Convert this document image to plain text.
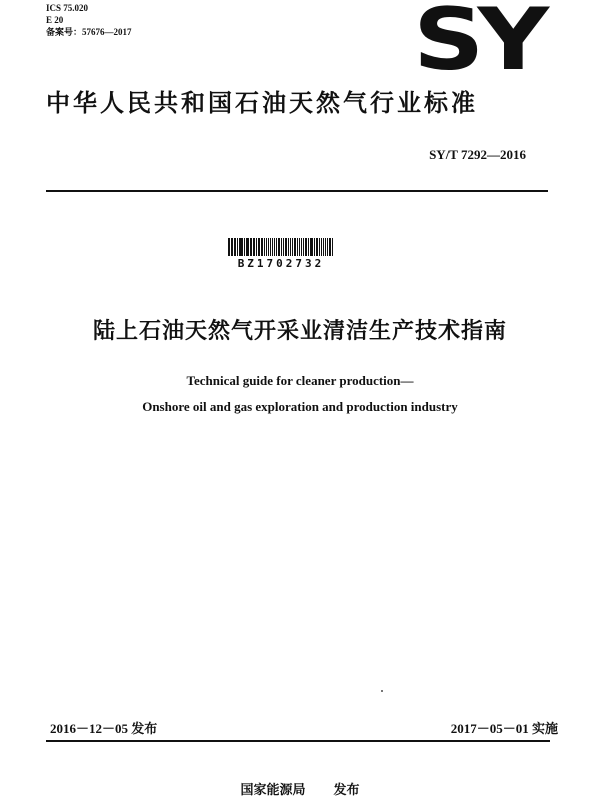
ICS 75.020
E 20
备案号：57676—2017	SY
中华人民共和国石油天然气行业标准
SY/T 7292—2016
BZ1702732
陆上石油天然气开采业清洁生产技术指南
Technical guide for cleaner production—
Onshore oil and gas exploration and production industry
2016－12－05 发布	2017－05－01 实施
国家能源局 发布
